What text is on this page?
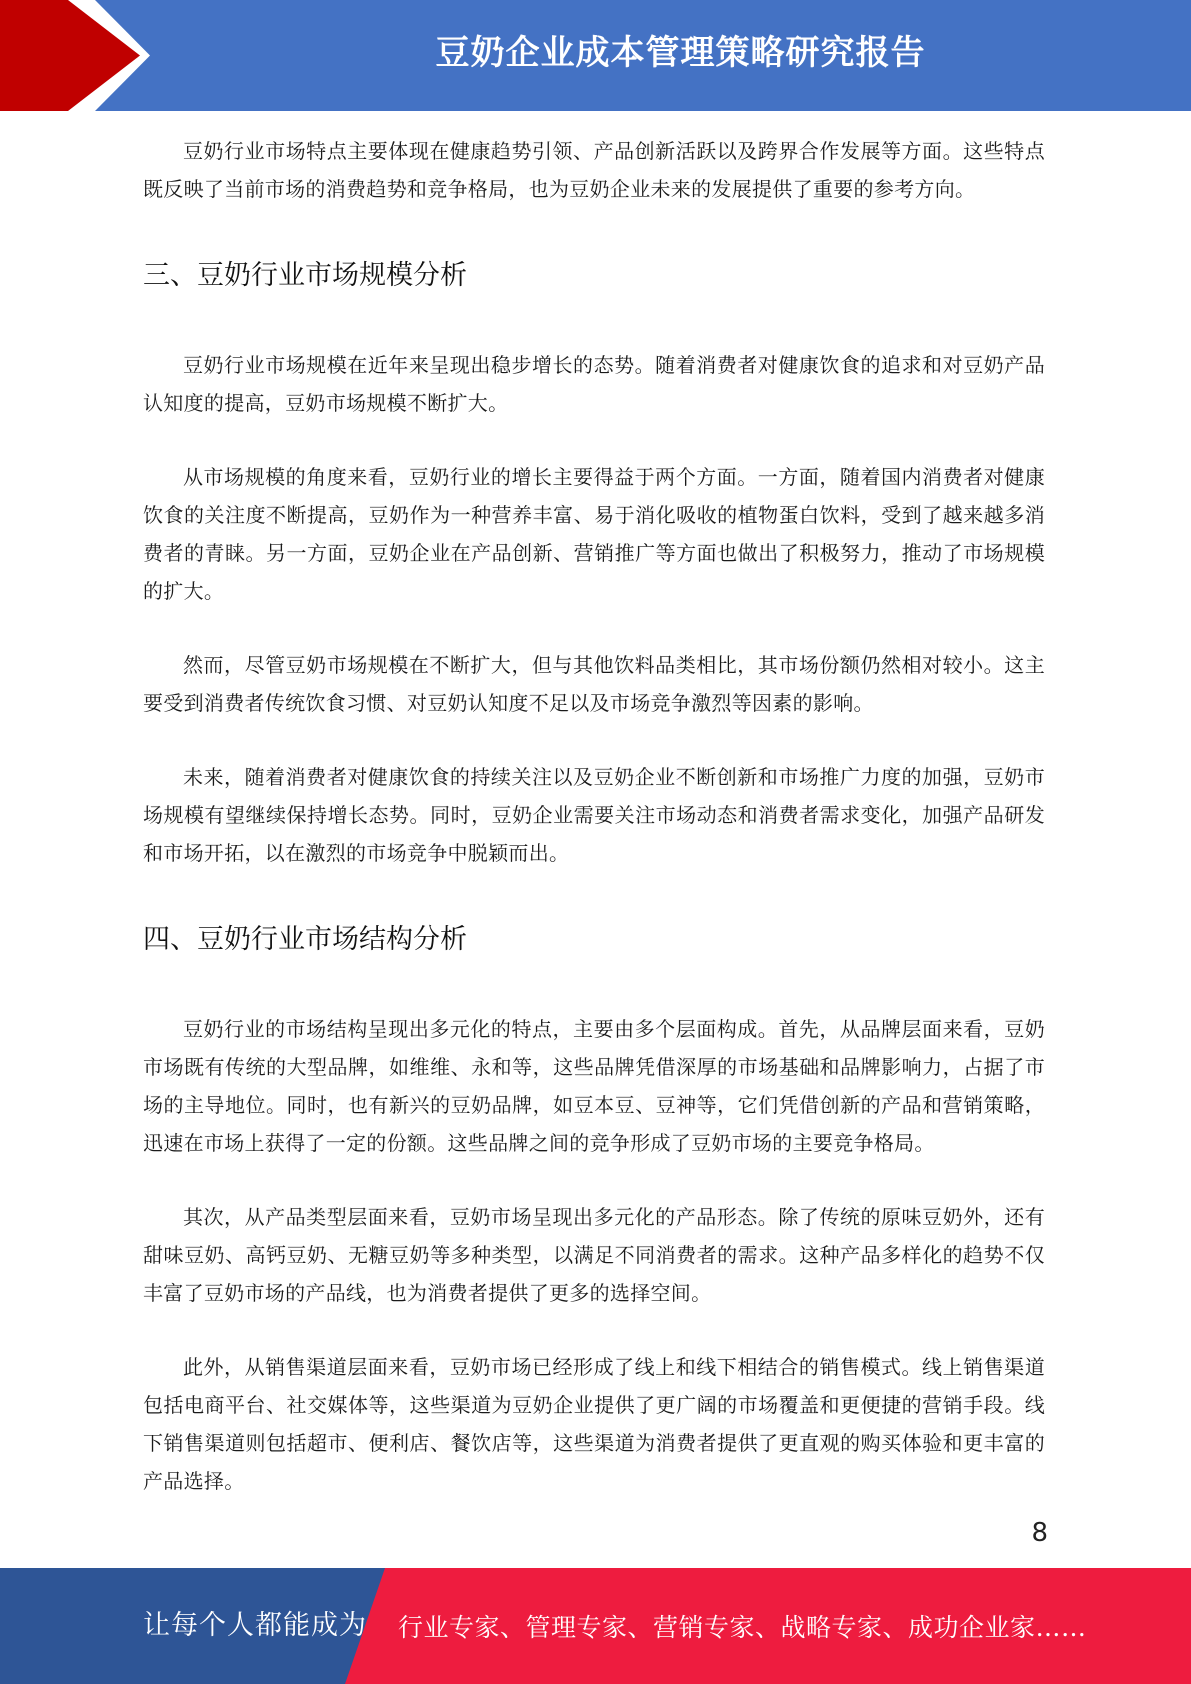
豆奶企业成本管理策略研究报告

豆奶行业市场特点主要体现在健康趋势引领、产品创新活跃以及跨界合作发展等方面。这些特点既反映了当前市场的消费趋势和竞争格局，也为豆奶企业未来的发展提供了重要的参考方向。

三、豆奶行业市场规模分析

豆奶行业市场规模在近年来呈现出稳步增长的态势。随着消费者对健康饮食的追求和对豆奶产品认知度的提高，豆奶市场规模不断扩大。

从市场规模的角度来看，豆奶行业的增长主要得益于两个方面。一方面，随着国内消费者对健康饮食的关注度不断提高，豆奶作为一种营养丰富、易于消化吸收的植物蛋白饮料，受到了越来越多消费者的青睐。另一方面，豆奶企业在产品创新、营销推广等方面也做出了积极努力，推动了市场规模的扩大。

然而，尽管豆奶市场规模在不断扩大，但与其他饮料品类相比，其市场份额仍然相对较小。这主要受到消费者传统饮食习惯、对豆奶认知度不足以及市场竞争激烈等因素的影响。

未来，随着消费者对健康饮食的持续关注以及豆奶企业不断创新和市场推广力度的加强，豆奶市场规模有望继续保持增长态势。同时，豆奶企业需要关注市场动态和消费者需求变化，加强产品研发和市场开拓，以在激烈的市场竞争中脱颖而出。

四、豆奶行业市场结构分析

豆奶行业的市场结构呈现出多元化的特点，主要由多个层面构成。首先，从品牌层面来看，豆奶市场既有传统的大型品牌，如维维、永和等，这些品牌凭借深厚的市场基础和品牌影响力，占据了市场的主导地位。同时，也有新兴的豆奶品牌，如豆本豆、豆神等，它们凭借创新的产品和营销策略，迅速在市场上获得了一定的份额。这些品牌之间的竞争形成了豆奶市场的主要竞争格局。

其次，从产品类型层面来看，豆奶市场呈现出多元化的产品形态。除了传统的原味豆奶外，还有甜味豆奶、高钙豆奶、无糖豆奶等多种类型，以满足不同消费者的需求。这种产品多样化的趋势不仅丰富了豆奶市场的产品线，也为消费者提供了更多的选择空间。

此外，从销售渠道层面来看，豆奶市场已经形成了线上和线下相结合的销售模式。线上销售渠道包括电商平台、社交媒体等，这些渠道为豆奶企业提供了更广阔的市场覆盖和更便捷的营销手段。线下销售渠道则包括超市、便利店、餐饮店等，这些渠道为消费者提供了更直观的购买体验和更丰富的产品选择。

8
让每个人都能成为 行业专家、管理专家、营销专家、战略专家、成功企业家……
